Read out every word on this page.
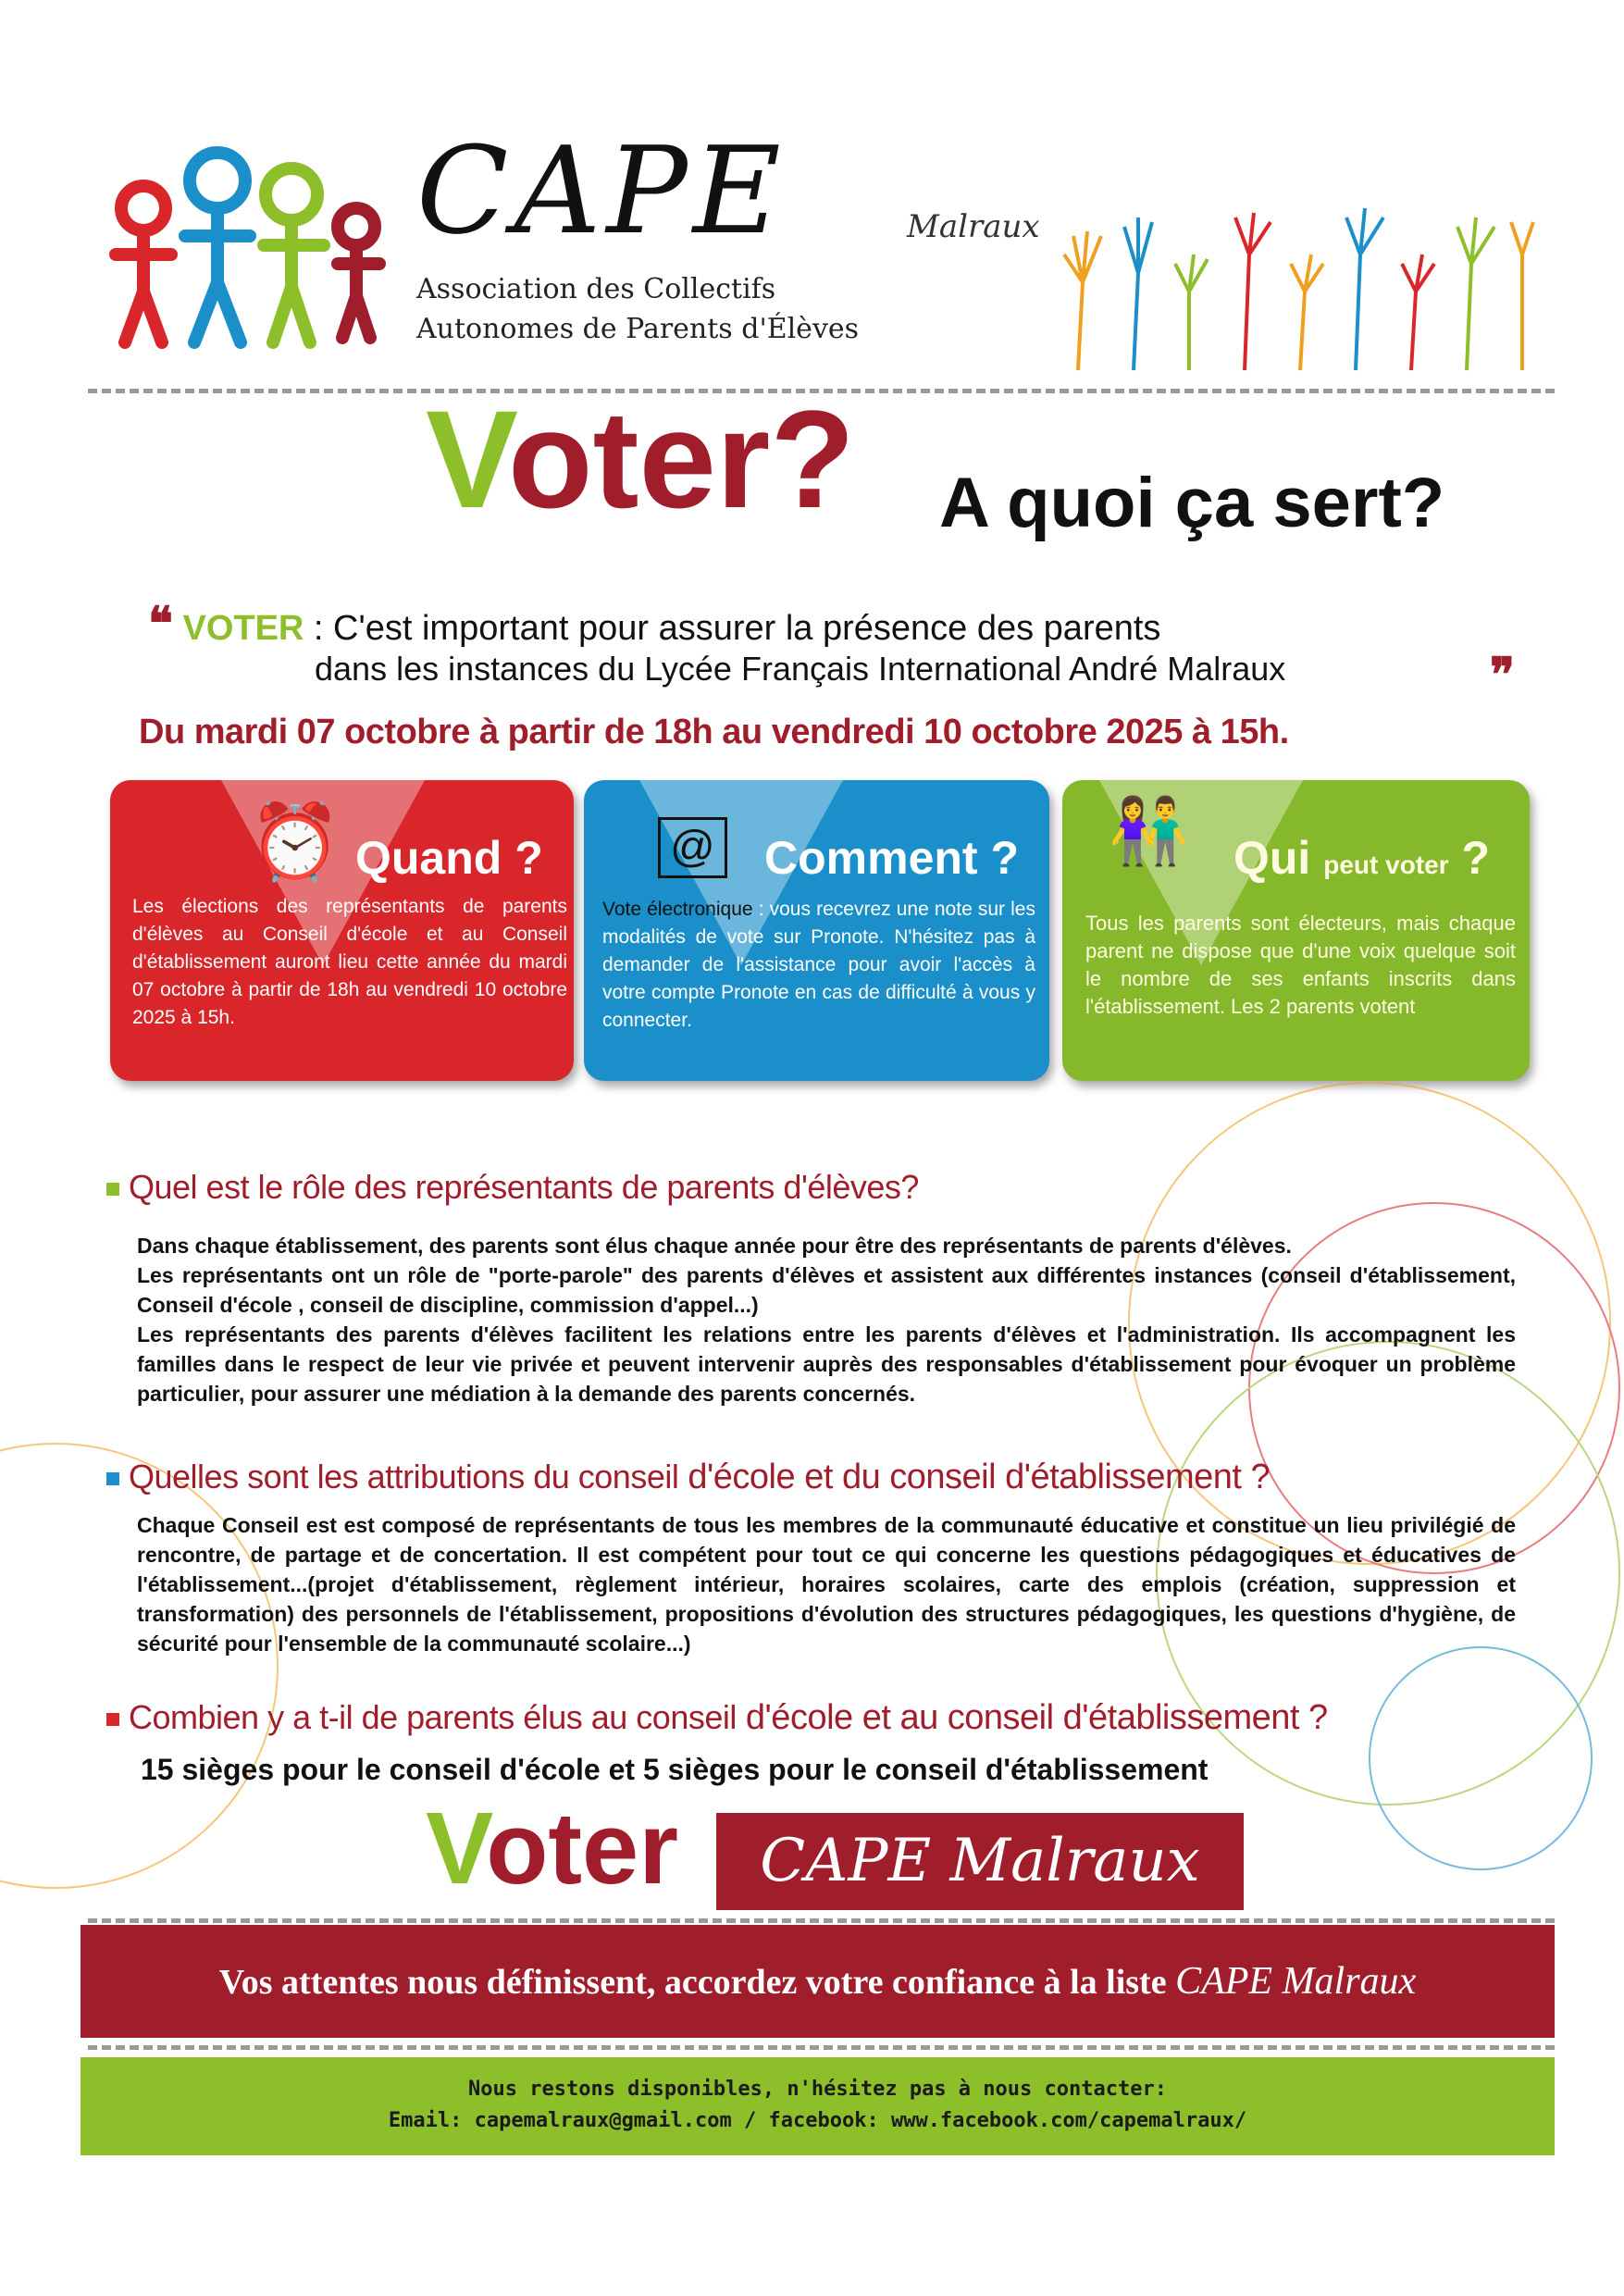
CAPE	Malraux
Association des Collectifs
Autonomes de Parents d'Élèves
Voter? A quoi ça sert?
❝ VOTER : C'est important pour assurer la présence des parents
dans les instances du Lycée Français International André Malraux	❞
Du mardi 07 octobre à partir de 18h au vendredi 10 octobre 2025 à 15h.
⏰ Quand ?
Les élections des représentants de parents d'élèves au Conseil d'école et au Conseil d'établissement auront lieu cette année du mardi 07 octobre à partir de 18h au vendredi 10 octobre 2025 à 15h.
@ Comment ?
Vote électronique : vous recevrez une note sur les modalités de vote sur Pronote. N'hésitez pas à demander de l'assistance pour avoir l'accès à votre compte Pronote en cas de difficulté à vous y connecter.
👫 Qui peut voter ?
Tous les parents sont électeurs, mais chaque parent ne dispose que d'une voix quelque soit le nombre de ses enfants inscrits dans l'établissement. Les 2 parents votent
Quel est le rôle des représentants de parents d'élèves?

Dans chaque établissement, des parents sont élus chaque année pour être des représentants de parents d'élèves.

Les représentants ont un rôle de "porte-parole" des parents d'élèves et assistent aux différentes instances (conseil d'établissement, Conseil d'école , conseil de discipline, commission d'appel...)

Les représentants des parents d'élèves facilitent les relations entre les parents d'élèves et l'administration. Ils accompagnent les familles dans le respect de leur vie privée et peuvent intervenir auprès des responsables d'établissement pour évoquer un problème particulier, pour assurer une médiation à la demande des parents concernés.

Quelles sont les attributions du conseil d'école et du conseil d'établissement ?

Chaque Conseil est est composé de représentants de tous les membres de la communauté éducative et constitue un lieu privilégié de rencontre, de partage et de concertation. Il est compétent pour tout ce qui concerne les questions pédagogiques et éducatives de l'établissement...(projet d'établissement, règlement intérieur, horaires scolaires, carte des emplois (création, suppression et transformation) des personnels de l'établissement, propositions d'évolution des structures pédagogiques, les questions d'hygiène, de sécurité pour l'ensemble de la communauté scolaire...)

Combien y a t-il de parents élus au conseil d'école et au conseil d'établissement ?
15 sièges pour le conseil d'école et 5 sièges pour le conseil d'établissement
Voter	CAPE Malraux
Vos attentes nous définissent, accordez votre confiance à la liste CAPE Malraux
Nous restons disponibles, n'hésitez pas à nous contacter:
Email: capemalraux@gmail.com / facebook: www.facebook.com/capemalraux/
